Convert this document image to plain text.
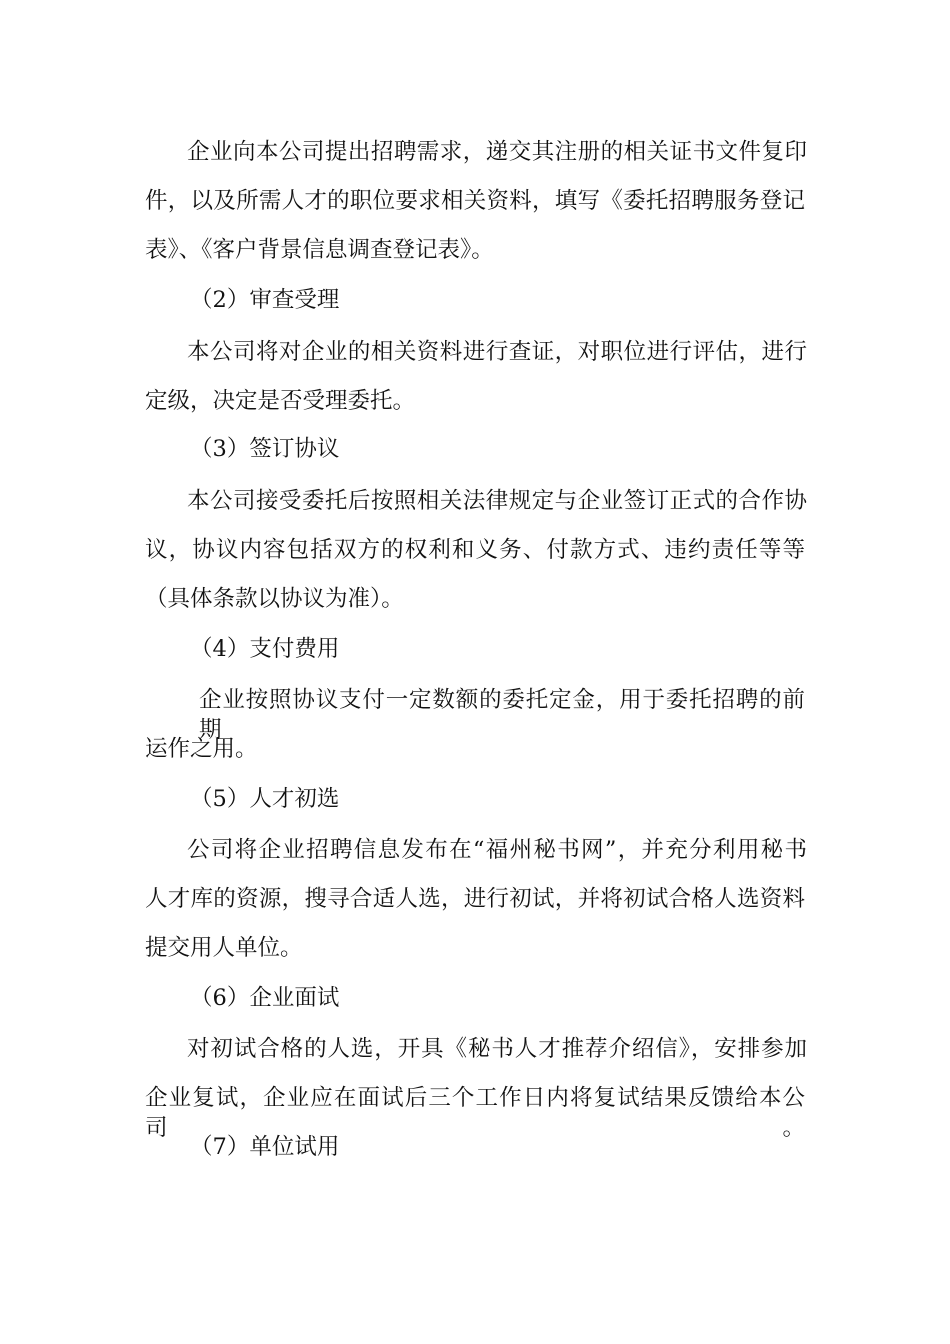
企业向本公司提出招聘需求，递交其注册的相关证书文件复印
件，以及所需人才的职位要求相关资料，填写《委托招聘服务登记
表》、《客户背景信息调查登记表》。
（2）审查受理
本公司将对企业的相关资料进行查证，对职位进行评估，进行
定级，决定是否受理委托。
（3）签订协议
本公司接受委托后按照相关法律规定与企业签订正式的合作协
议，协议内容包括双方的权利和义务、付款方式、违约责任等等
（具体条款以协议为准）。
（4）支付费用
企业按照协议支付一定数额的委托定金，用于委托招聘的前期
运作之用。
（5）人才初选
公司将企业招聘信息发布在“福州秘书网”，并充分利用秘书
人才库的资源，搜寻合适人选，进行初试，并将初试合格人选资料
提交用人单位。
（6）企业面试
对初试合格的人选，开具《秘书人才推荐介绍信》，安排参加
企业复试，企业应在面试后三个工作日内将复试结果反馈给本公司。
（7）单位试用
